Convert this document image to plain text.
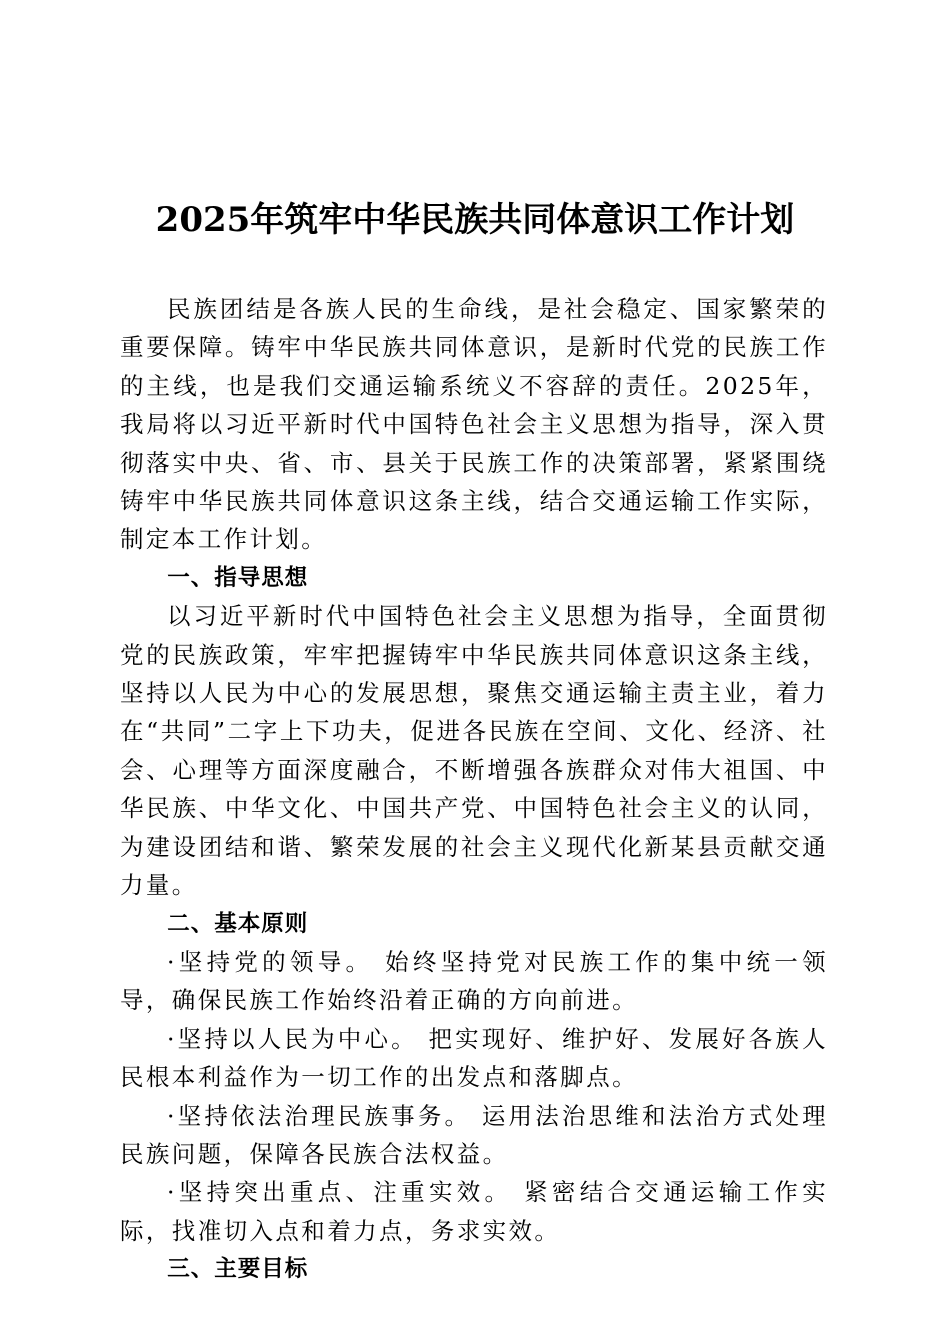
2025年筑牢中华民族共同体意识工作计划

民族团结是各族人民的生命线，是社会稳定、国家繁荣的重要保障。铸牢中华民族共同体意识，是新时代党的民族工作的主线，也是我们交通运输系统义不容辞的责任。2025年，我局将以习近平新时代中国特色社会主义思想为指导，深入贯彻落实中央、省、市、县关于民族工作的决策部署，紧紧围绕铸牢中华民族共同体意识这条主线，结合交通运输工作实际，制定本工作计划。

一、指导思想

以习近平新时代中国特色社会主义思想为指导，全面贯彻党的民族政策，牢牢把握铸牢中华民族共同体意识这条主线，坚持以人民为中心的发展思想，聚焦交通运输主责主业，着力在“共同”二字上下功夫，促进各民族在空间、文化、经济、社会、心理等方面深度融合，不断增强各族群众对伟大祖国、中华民族、中华文化、中国共产党、中国特色社会主义的认同，为建设团结和谐、繁荣发展的社会主义现代化新某县贡献交通力量。

二、基本原则

·坚持党的领导。 始终坚持党对民族工作的集中统一领导，确保民族工作始终沿着正确的方向前进。

·坚持以人民为中心。 把实现好、维护好、发展好各族人民根本利益作为一切工作的出发点和落脚点。

·坚持依法治理民族事务。 运用法治思维和法治方式处理民族问题，保障各民族合法权益。

·坚持突出重点、注重实效。 紧密结合交通运输工作实际，找准切入点和着力点，务求实效。

三、主要目标
